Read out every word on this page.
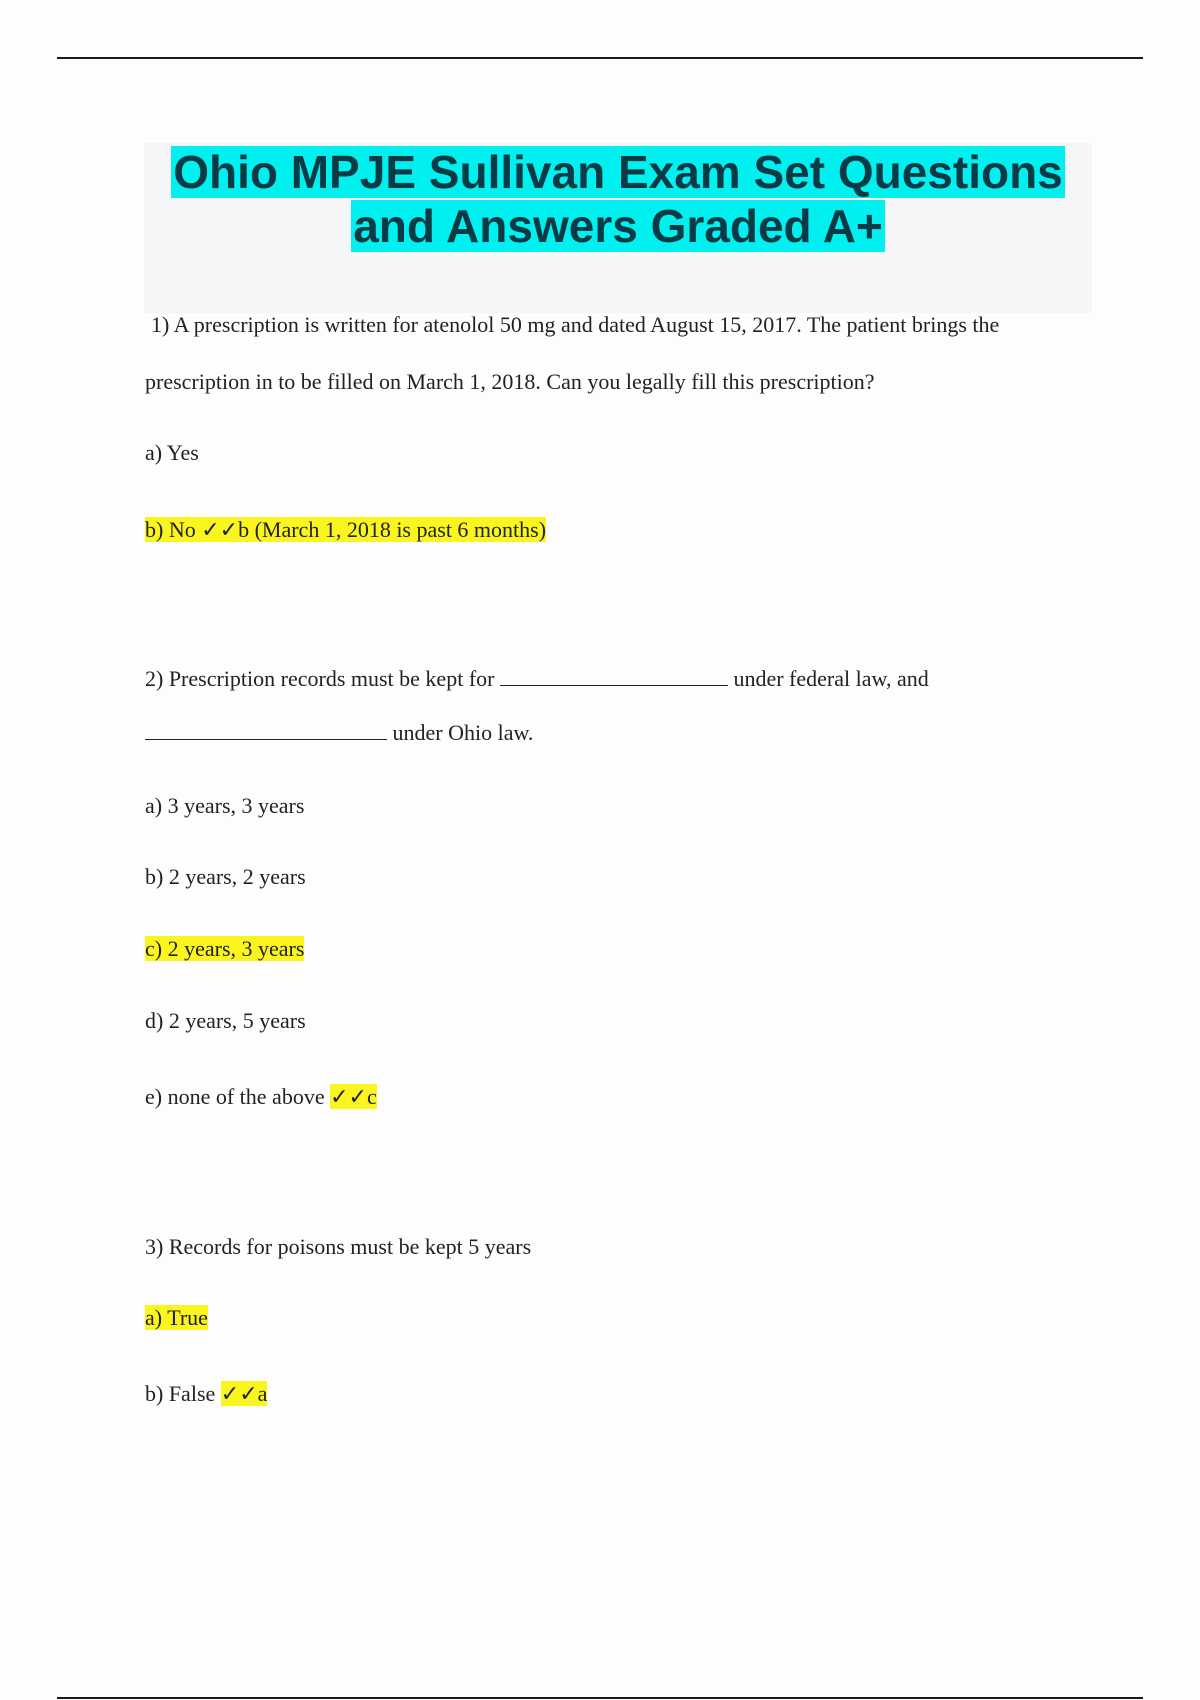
Ohio MPJE Sullivan Exam Set Questions
and Answers Graded A+
1) A prescription is written for atenolol 50 mg and dated August 15, 2017. The patient brings the
prescription in to be filled on March 1, 2018. Can you legally fill this prescription?
a) Yes
b) No ✓✓b (March 1, 2018 is past 6 months)
2) Prescription records must be kept for	under federal law, and
under Ohio law.
a) 3 years, 3 years
b) 2 years, 2 years
c) 2 years, 3 years
d) 2 years, 5 years
e) none of the above ✓✓c
3) Records for poisons must be kept 5 years
a) True
b) False ✓✓a
